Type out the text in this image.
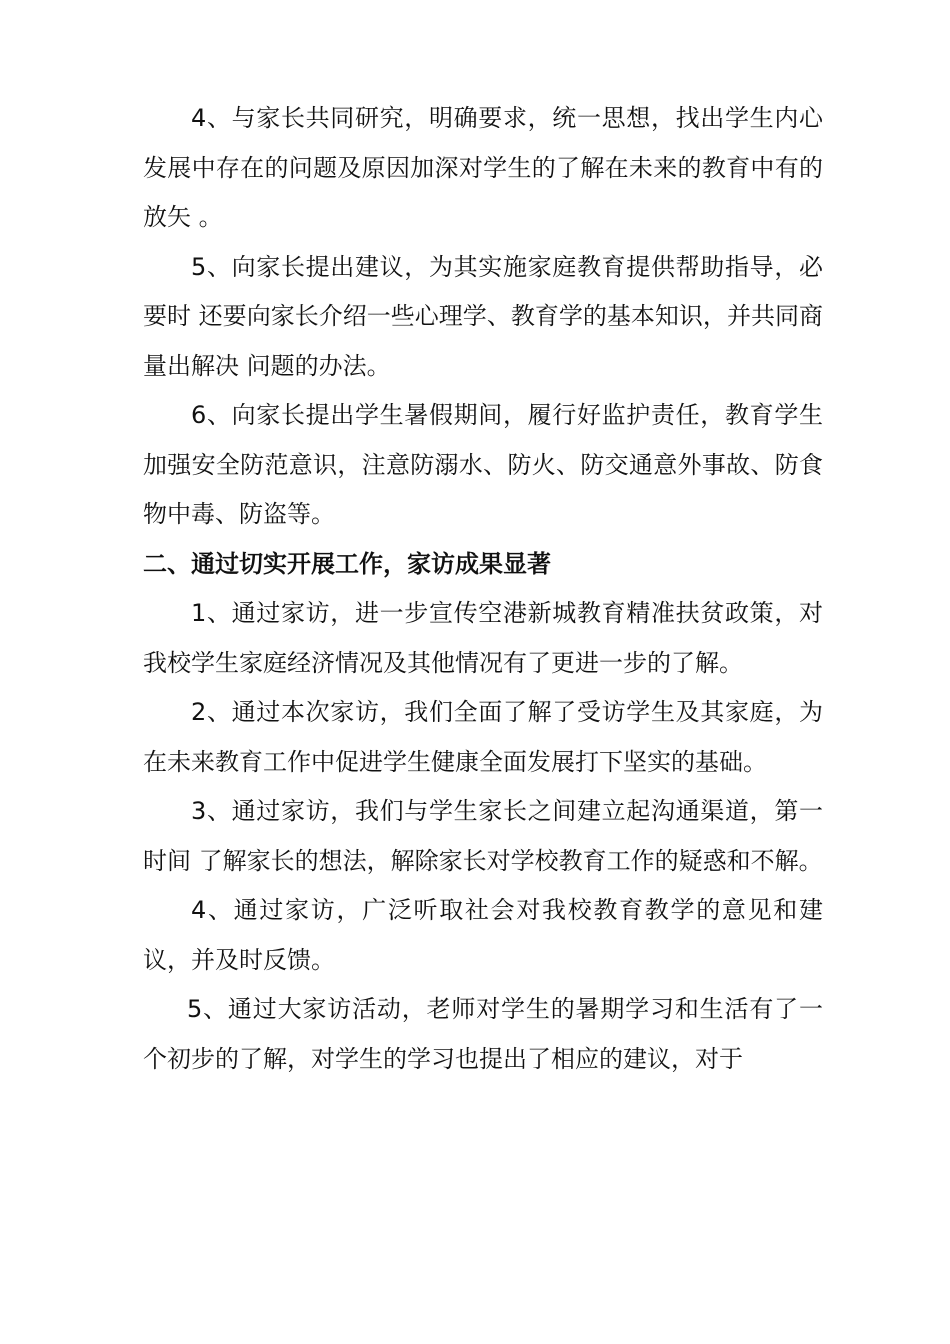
4、与家长共同研究，明确要求，统一思想，找出学生内心发展中存在的问题及原因加深对学生的了解在未来的教育中有的放矢 。

5、向家长提出建议，为其实施家庭教育提供帮助指导，必要时 还要向家长介绍一些心理学、教育学的基本知识，并共同商量出解决 问题的办法。

6、向家长提出学生暑假期间，履行好监护责任，教育学生加强安全防范意识，注意防溺水、防火、防交通意外事故、防食物中毒、防盗等。

二、通过切实开展工作，家访成果显著

1、通过家访，进一步宣传空港新城教育精准扶贫政策，对我校学生家庭经济情况及其他情况有了更进一步的了解。

2、通过本次家访，我们全面了解了受访学生及其家庭，为在未来教育工作中促进学生健康全面发展打下坚实的基础。

3、通过家访，我们与学生家长之间建立起沟通渠道，第一时间 了解家长的想法，解除家长对学校教育工作的疑惑和不解。

4、通过家访，广泛听取社会对我校教育教学的意见和建议，并及时反馈。

5、通过大家访活动，老师对学生的暑期学习和生活有了一个初步的了解，对学生的学习也提出了相应的建议，对于
